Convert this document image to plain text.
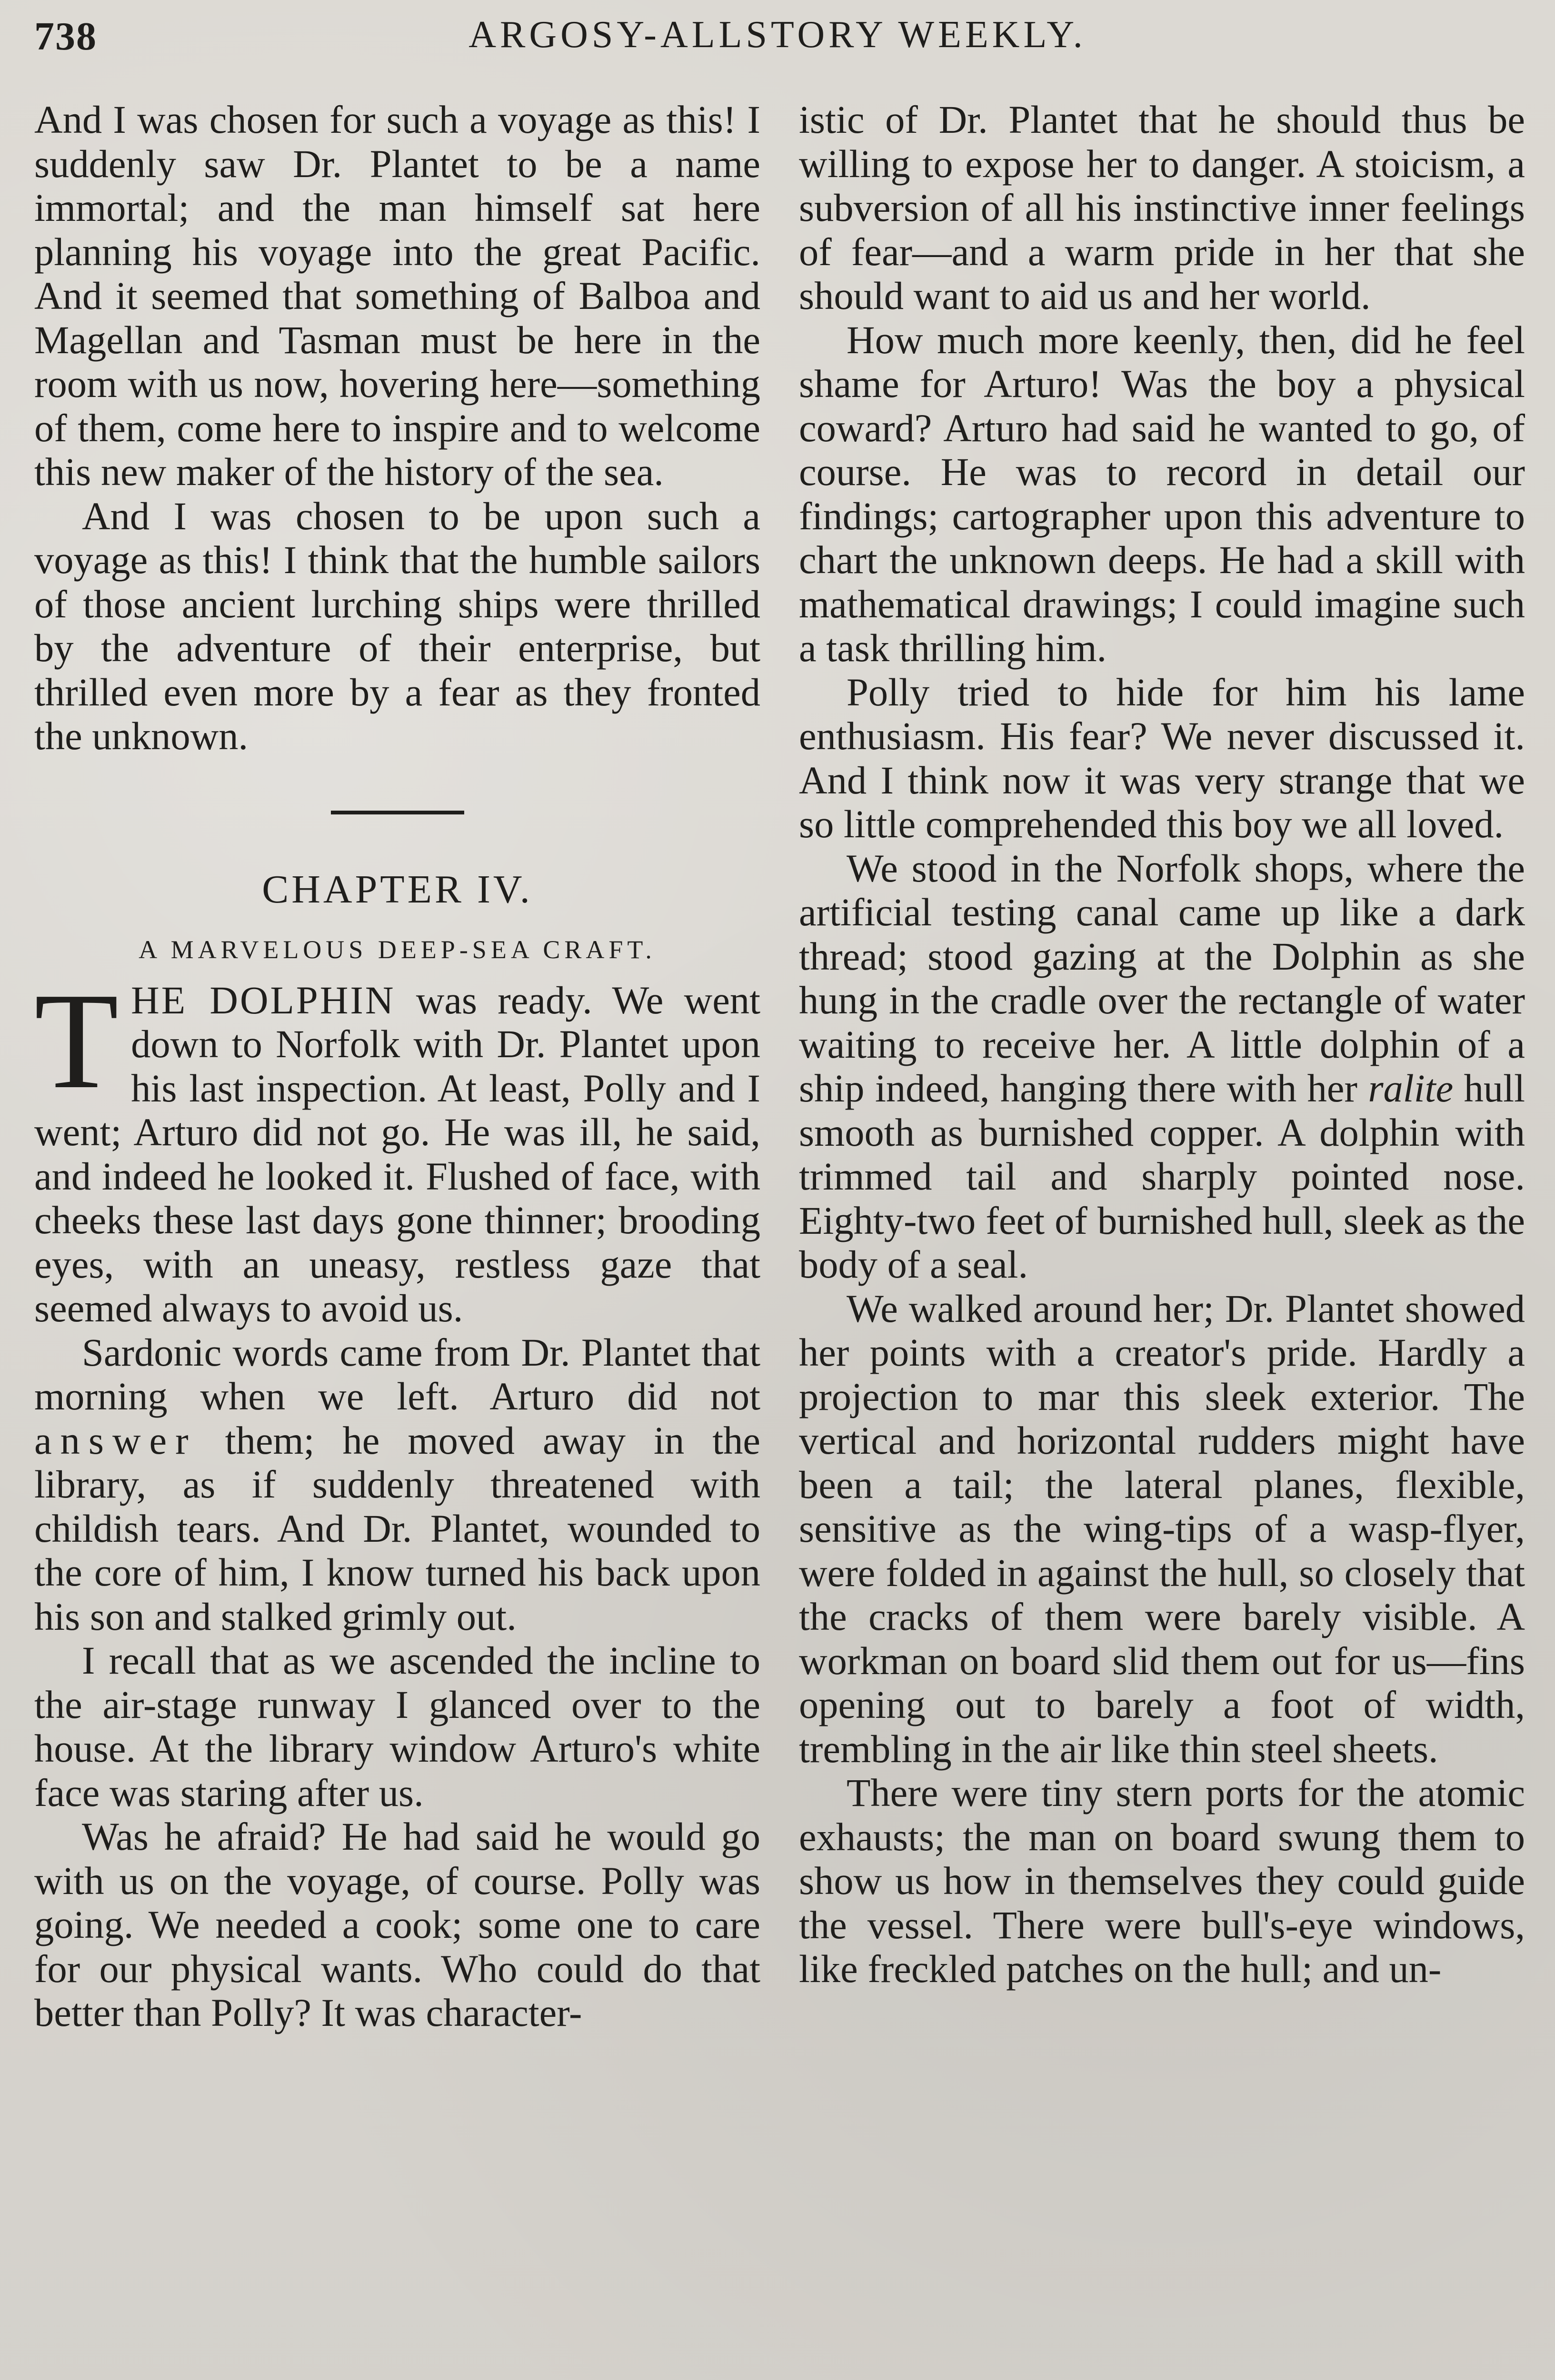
738	ARGOSY-ALLSTORY WEEKLY.

And I was chosen for such a voyage as this! I suddenly saw Dr. Plantet to be a name immortal; and the man himself sat here planning his voyage into the great Pacific. And it seemed that something of Balboa and Magellan and Tasman must be here in the room with us now, hovering here—something of them, come here to inspire and to welcome this new maker of the history of the sea.

And I was chosen to be upon such a voyage as this! I think that the humble sailors of those ancient lurching ships were thrilled by the adventure of their enterprise, but thrilled even more by a fear as they fronted the unknown.

CHAPTER IV.
A MARVELOUS DEEP-SEA CRAFT.

THE DOLPHIN was ready. We went down to Norfolk with Dr. Plantet upon his last inspection. At least, Polly and I went; Arturo did not go. He was ill, he said, and indeed he looked it. Flushed of face, with cheeks these last days gone thinner; brooding eyes, with an uneasy, restless gaze that seemed always to avoid us.

Sardonic words came from Dr. Plantet that morning when we left. Arturo did not answer them; he moved away in the library, as if suddenly threatened with childish tears. And Dr. Plantet, wounded to the core of him, I know turned his back upon his son and stalked grimly out.

I recall that as we ascended the incline to the air-stage runway I glanced over to the house. At the library window Arturo's white face was staring after us.

Was he afraid? He had said he would go with us on the voyage, of course. Polly was going. We needed a cook; some one to care for our physical wants. Who could do that better than Polly? It was character-

istic of Dr. Plantet that he should thus be willing to expose her to danger. A stoicism, a subversion of all his instinctive inner feelings of fear—and a warm pride in her that she should want to aid us and her world.

How much more keenly, then, did he feel shame for Arturo! Was the boy a physical coward? Arturo had said he wanted to go, of course. He was to record in detail our findings; cartographer upon this adventure to chart the unknown deeps. He had a skill with mathematical drawings; I could imagine such a task thrilling him.

Polly tried to hide for him his lame enthusiasm. His fear? We never discussed it. And I think now it was very strange that we so little comprehended this boy we all loved.

We stood in the Norfolk shops, where the artificial testing canal came up like a dark thread; stood gazing at the Dolphin as she hung in the cradle over the rectangle of water waiting to receive her. A little dolphin of a ship indeed, hanging there with her ralite hull smooth as burnished copper. A dolphin with trimmed tail and sharply pointed nose. Eighty-two feet of burnished hull, sleek as the body of a seal.

We walked around her; Dr. Plantet showed her points with a creator's pride. Hardly a projection to mar this sleek exterior. The vertical and horizontal rudders might have been a tail; the lateral planes, flexible, sensitive as the wing-tips of a wasp-flyer, were folded in against the hull, so closely that the cracks of them were barely visible. A workman on board slid them out for us—fins opening out to barely a foot of width, trembling in the air like thin steel sheets.

There were tiny stern ports for the atomic exhausts; the man on board swung them to show us how in themselves they could guide the vessel. There were bull's-eye windows, like freckled patches on the hull; and un-
